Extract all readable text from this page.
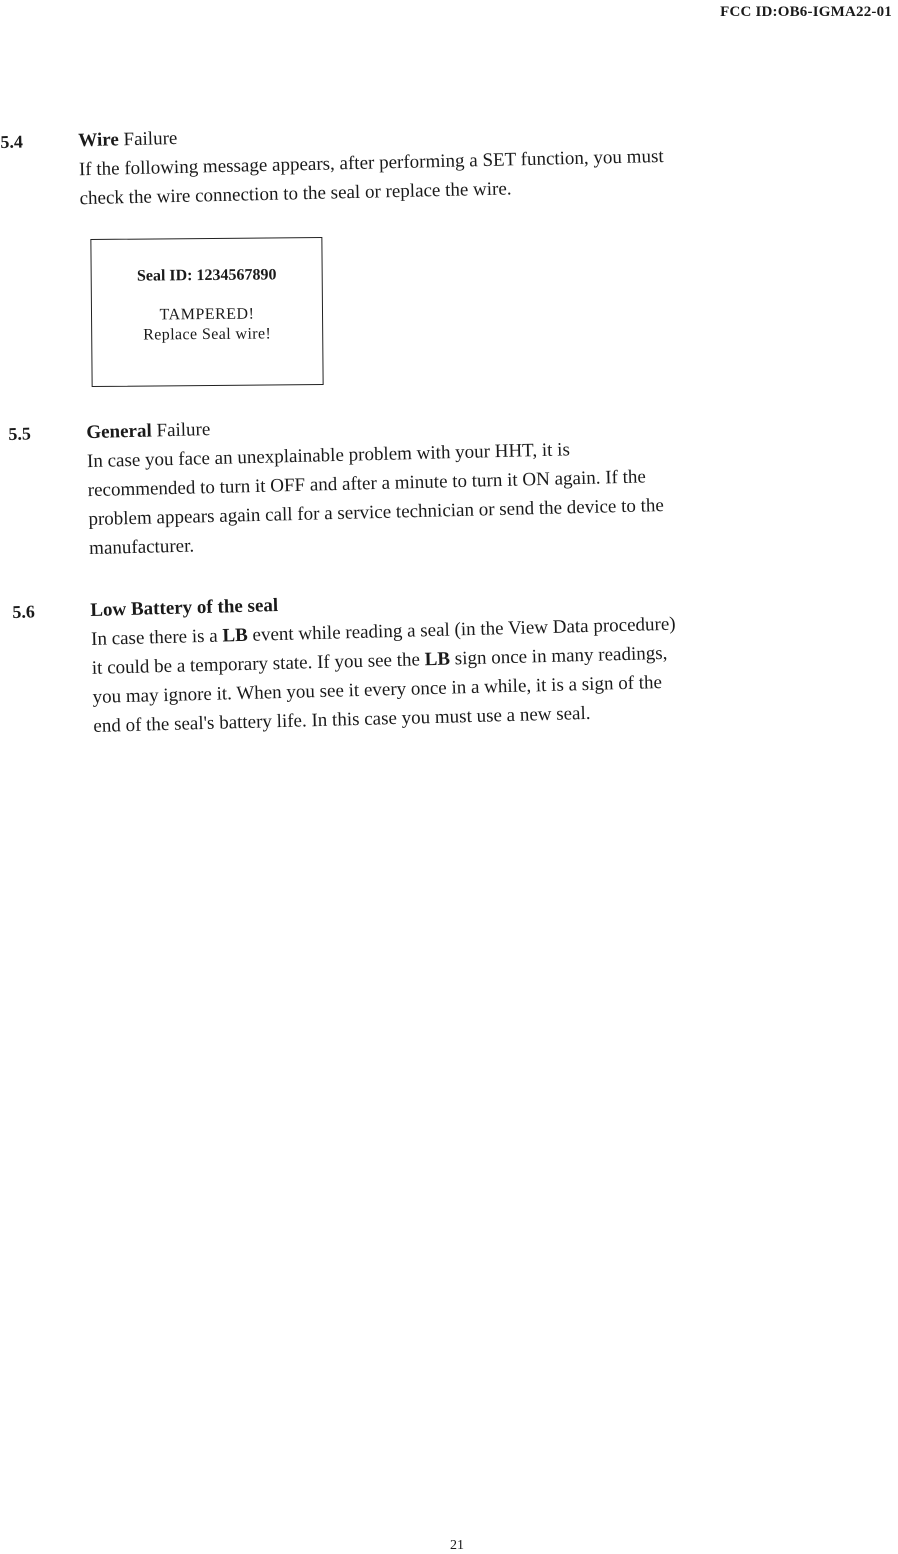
FCC ID:OB6-IGMA22-01
5.4	Wire Failure

If the following message appears, after performing a SET function, you must
check the wire connection to the seal or replace the wire.

Seal ID: 1234567890
TAMPERED!
Replace Seal wire!
5.5	General Failure

In case you face an unexplainable problem with your HHT, it is
recommended to turn it OFF and after a minute to turn it ON again. If the
problem appears again call for a service technician or send the device to the
manufacturer.

5.6	Low Battery of the seal

In case there is a LB event while reading a seal (in the View Data procedure)
it could be a temporary state. If you see the LB sign once in many readings,
you may ignore it. When you see it every once in a while, it is a sign of the
end of the seal's battery life. In this case you must use a new seal.

21
